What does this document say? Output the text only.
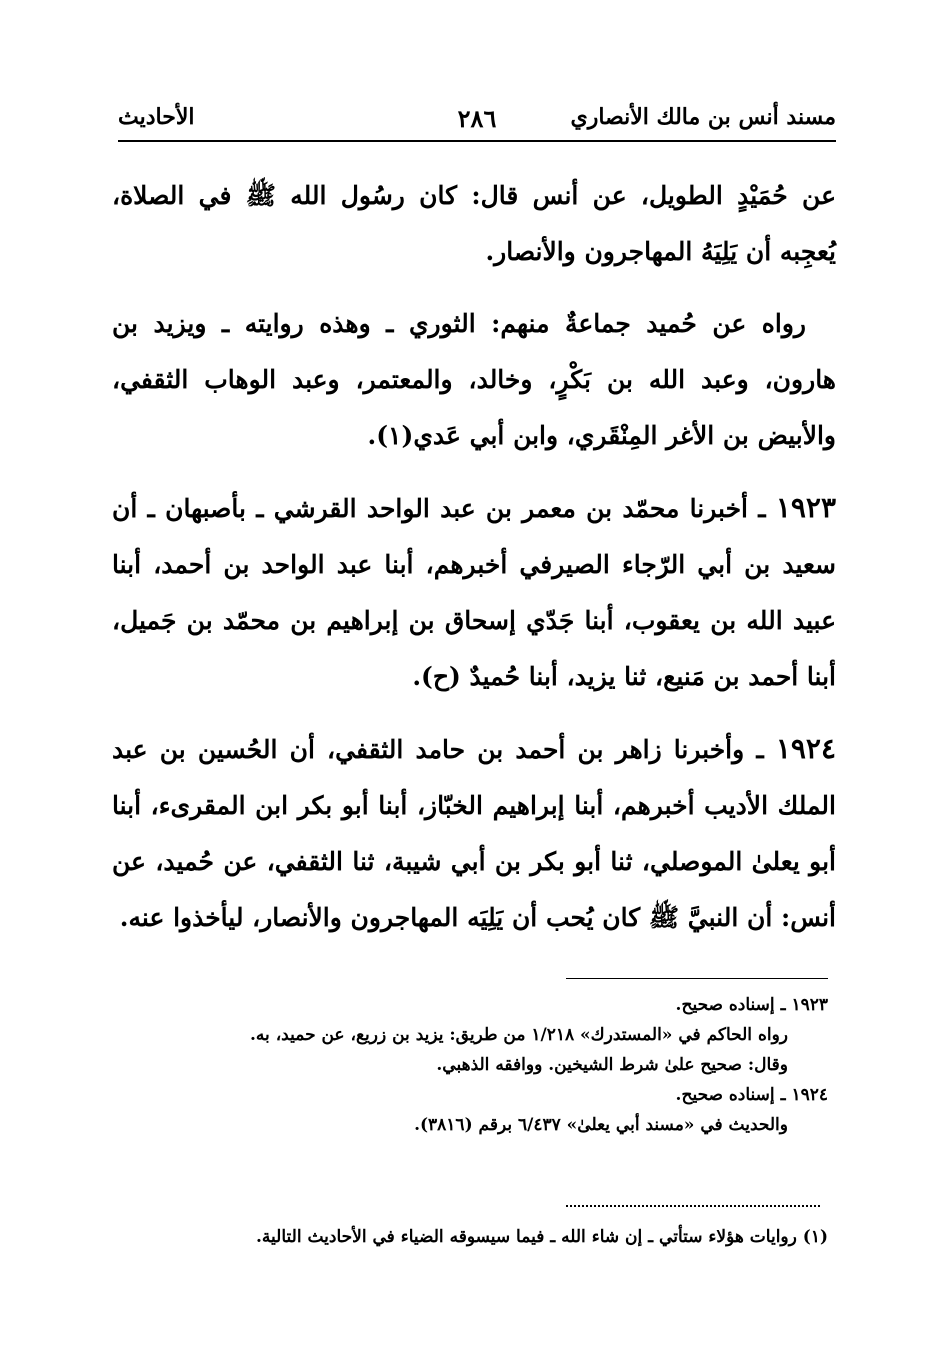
مسند أنس بن مالك الأنصاري
٢٨٦
الأحاديث

عن حُمَيْدٍ الطويل، عن أنس قال: كان رسُول الله ﷺ في الصلاة، يُعجِبه أن يَلِيَهُ المهاجرون والأنصار.

رواه عن حُميد جماعةٌ منهم: الثوري ـ وهذه روايته ـ ويزيد بن هارون، وعبد الله بن بَكْرٍ، وخالد، والمعتمر، وعبد الوهاب الثقفي، والأبيض بن الأغر المِنْقَري، وابن أبي عَدي(١).

١٩٢٣ ـ أخبرنا محمّد بن معمر بن عبد الواحد القرشي ـ بأصبهان ـ أن سعيد بن أبي الرّجاء الصيرفي أخبرهم، أبنا عبد الواحد بن أحمد، أبنا عبيد الله بن يعقوب، أبنا جَدّي إسحاق بن إبراهيم بن محمّد بن جَميل، أبنا أحمد بن مَنيع، ثنا يزيد، أبنا حُميدٌ (ح).

١٩٢٤ ـ وأخبرنا زاهر بن أحمد بن حامد الثقفي، أن الحُسين بن عبد الملك الأديب أخبرهم، أبنا إبراهيم الخبّاز، أبنا أبو بكر ابن المقرىء، أبنا أبو يعلىٰ الموصلي، ثنا أبو بكر بن أبي شيبة، ثنا الثقفي، عن حُميد، عن أنس: أن النبيَّ ﷺ كان يُحب أن يَلِيَه المهاجرون والأنصار، ليأخذوا عنه.

١٩٢٣ ـ إسناده صحيح.
رواه الحاكم في «المستدرك» ١/٢١٨ من طريق: يزيد بن زريع، عن حميد، به.
وقال: صحيح علىٰ شرط الشيخين. ووافقه الذهبي.
١٩٢٤ ـ إسناده صحيح.
والحديث في «مسند أبي يعلىٰ» ٦/٤٣٧ برقم (٣٨١٦).
(١) روايات هؤلاء ستأتي ـ إن شاء الله ـ فيما سيسوقه الضياء في الأحاديث التالية.
